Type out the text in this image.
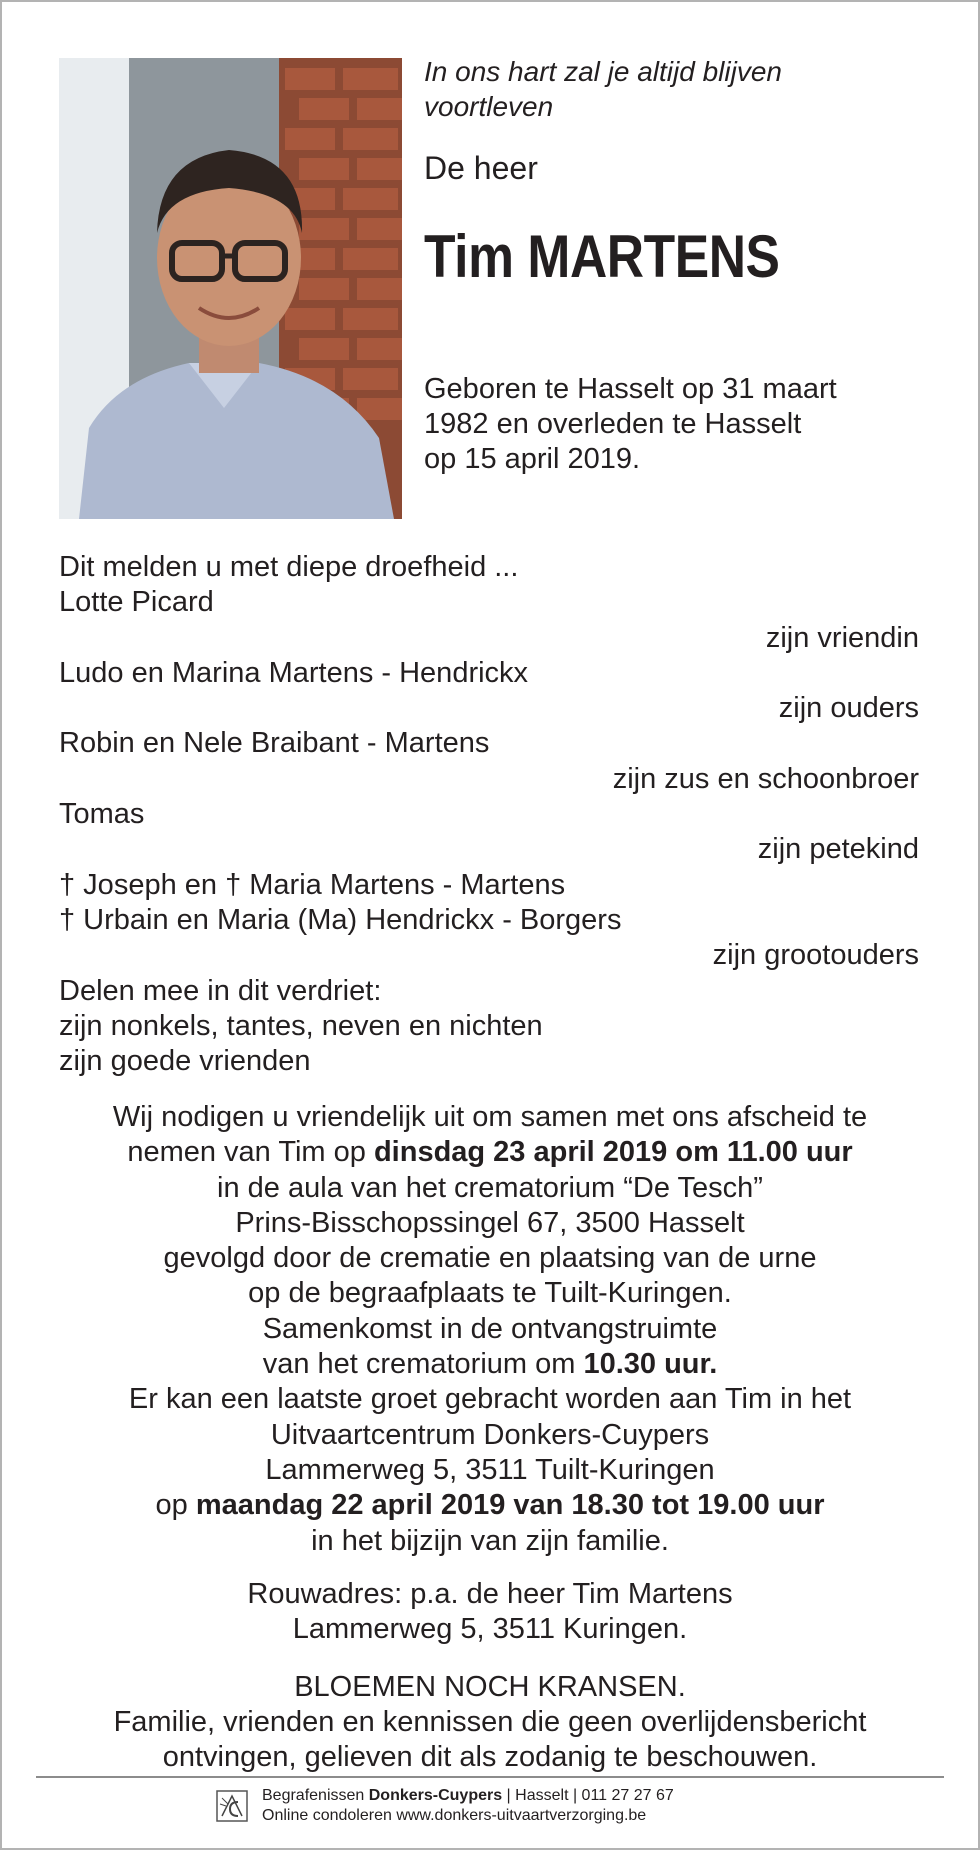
In ons hart zal je altijd blijven voortleven
De heer
Tim MARTENS
Geboren te Hasselt op 31 maart
1982 en overleden te Hasselt
op 15 april 2019.
Dit melden u met diepe droefheid ...
Lotte Picard
zijn vriendin
Ludo en Marina Martens - Hendrickx
zijn ouders
Robin en Nele Braibant - Martens
zijn zus en schoonbroer
Tomas
zijn petekind
† Joseph en † Maria Martens - Martens
† Urbain en Maria (Ma) Hendrickx - Borgers
zijn grootouders
Delen mee in dit verdriet:
zijn nonkels, tantes, neven en nichten
zijn goede vrienden
Wij nodigen u vriendelijk uit om samen met ons afscheid te
nemen van Tim op dinsdag 23 april 2019 om 11.00 uur
in de aula van het crematorium “De Tesch”
Prins-Bisschopssingel 67, 3500 Hasselt
gevolgd door de crematie en plaatsing van de urne
op de begraafplaats te Tuilt-Kuringen.
Samenkomst in de ontvangstruimte
van het crematorium om 10.30 uur.
Er kan een laatste groet gebracht worden aan Tim in het
Uitvaartcentrum Donkers-Cuypers
Lammerweg 5, 3511 Tuilt-Kuringen
op maandag 22 april 2019 van 18.30 tot 19.00 uur
in het bijzijn van zijn familie.
Rouwadres: p.a. de heer Tim Martens
Lammerweg 5, 3511 Kuringen.
BLOEMEN NOCH KRANSEN.
Familie, vrienden en kennissen die geen overlijdensbericht
ontvingen, gelieven dit als zodanig te beschouwen.
Begrafenissen Donkers-Cuypers | Hasselt | 011 27 27 67
Online condoleren www.donkers-uitvaartverzorging.be
